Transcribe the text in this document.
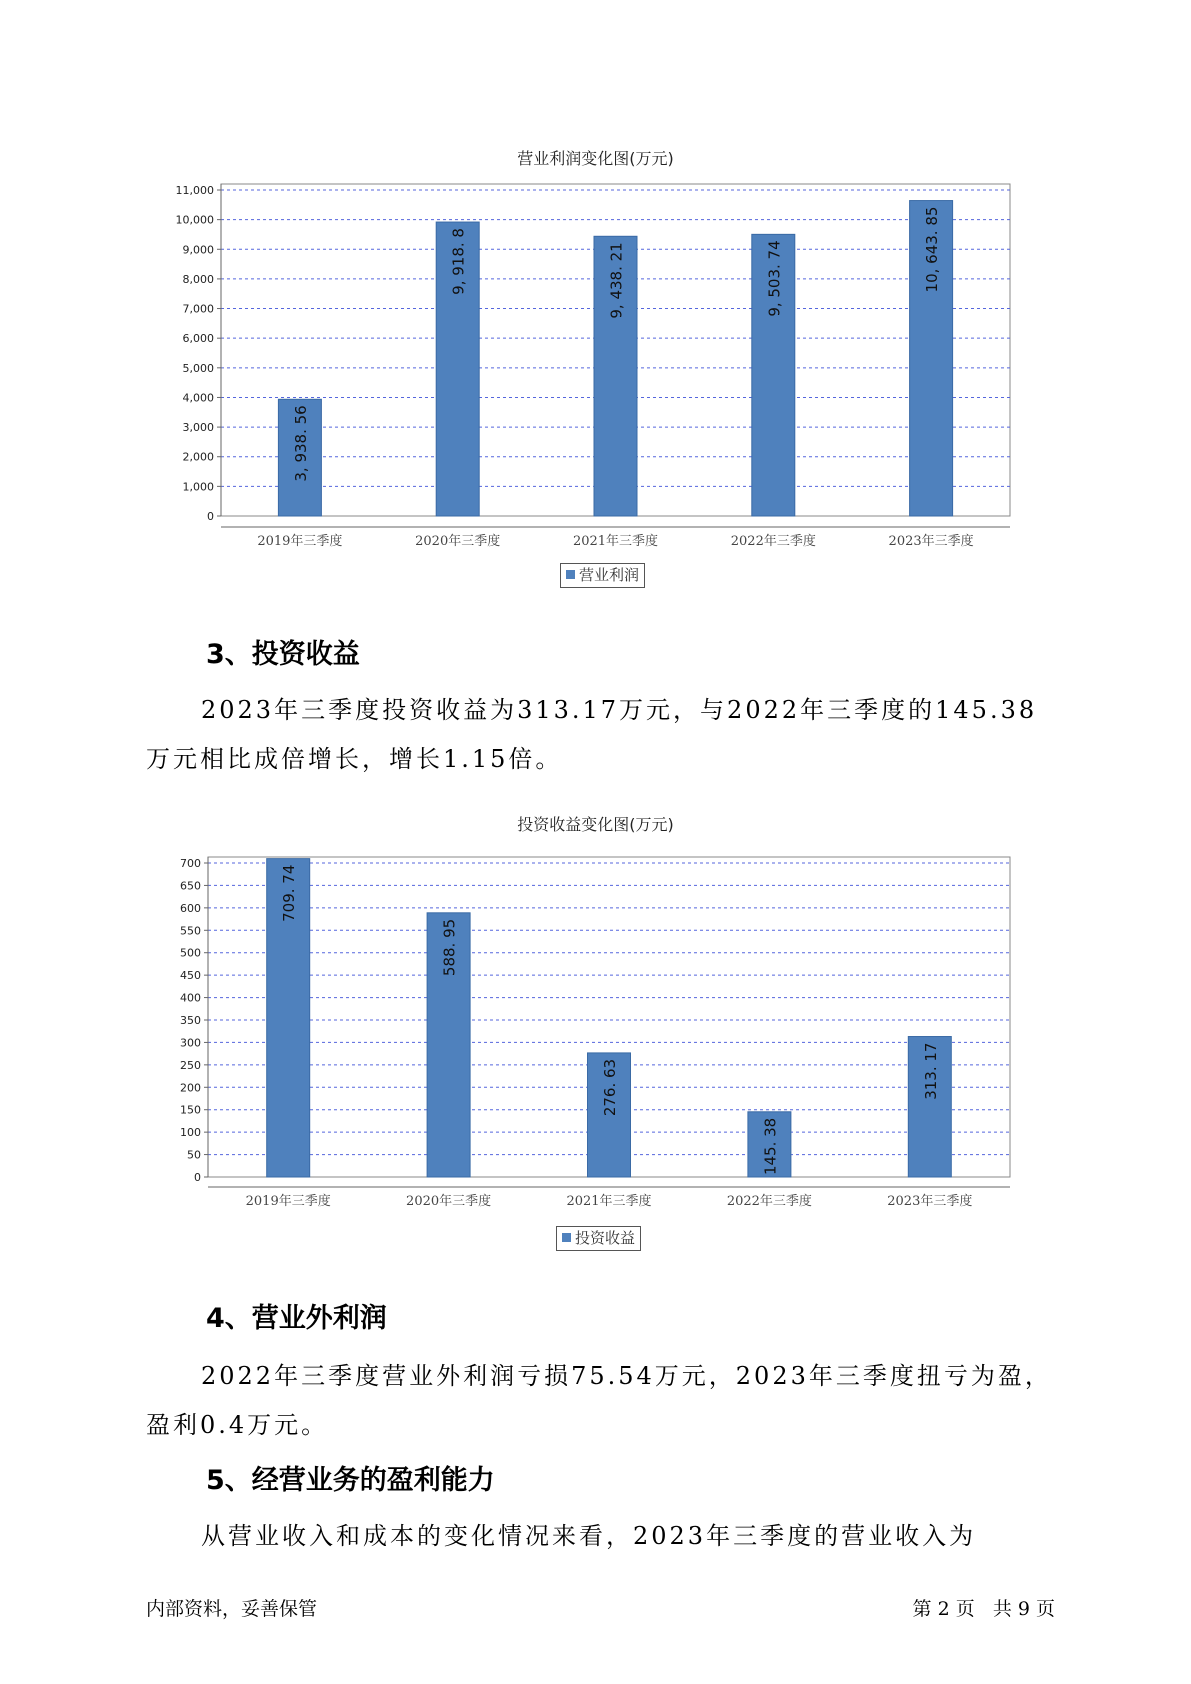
营业利润变化图(万元)
0
1,000
2,000
3,000
4,000
5,000
6,000
7,000
8,000
9,000
10,000
11,000
3, 938. 56
2019年三季度
9, 918. 8
2020年三季度
9, 438. 21
2021年三季度
9, 503. 74
2022年三季度
10, 643. 85
2023年三季度
营业利润
3、投资收益
2023年三季度投资收益为313.17万元，与2022年三季度的145.38万元相比成倍增长，增长1.15倍。
投资收益变化图(万元)
0
50
100
150
200
250
300
350
400
450
500
550
600
650
700
709. 74
2019年三季度
588. 95
2020年三季度
276. 63
2021年三季度
145. 38
2022年三季度
313. 17
2023年三季度
投资收益
4、营业外利润
2022年三季度营业外利润亏损75.54万元，2023年三季度扭亏为盈，盈利0.4万元。
5、经营业务的盈利能力
从营业收入和成本的变化情况来看，2023年三季度的营业收入为
内部资料，妥善保管	第 2 页   共 9 页
